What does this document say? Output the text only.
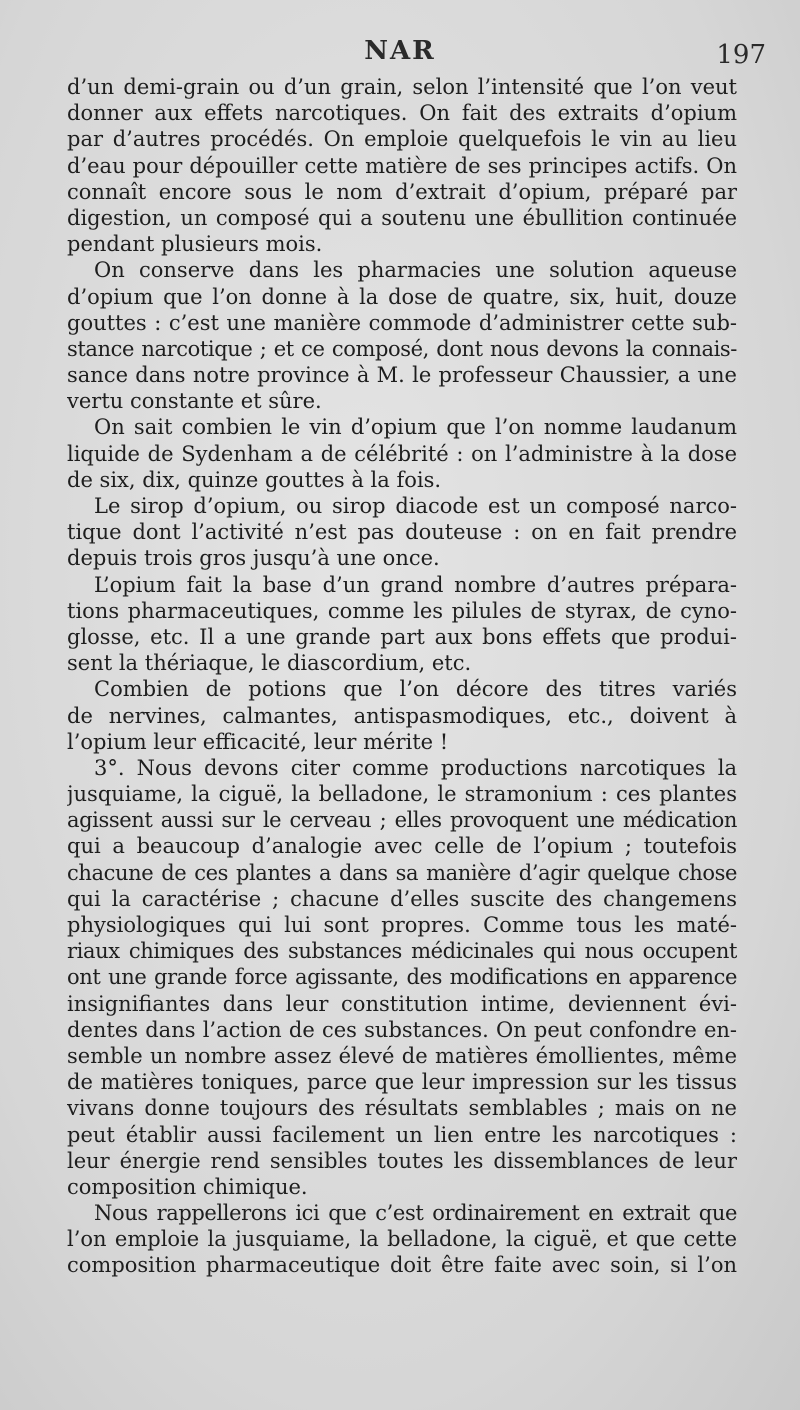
NAR	197
d’un demi-grain ou d’un grain, selon l’intensité que l’on veut
donner aux effets narcotiques. On fait des extraits d’opium
par d’autres procédés. On emploie quelquefois le vin au lieu
d’eau pour dépouiller cette matière de ses principes actifs. On
connaît encore sous le nom d’extrait d’opium, préparé par
digestion, un composé qui a soutenu une ébullition continuée
pendant plusieurs mois.
On conserve dans les pharmacies une solution aqueuse
d’opium que l’on donne à la dose de quatre, six, huit, douze
gouttes : c’est une manière commode d’administrer cette sub-
stance narcotique ; et ce composé, dont nous devons la connais-
sance dans notre province à M. le professeur Chaussier, a une
vertu constante et sûre.
On sait combien le vin d’opium que l’on nomme laudanum
liquide de Sydenham a de célébrité : on l’administre à la dose
de six, dix, quinze gouttes à la fois.
Le sirop d’opium, ou sirop diacode est un composé narco-
tique dont l’activité n’est pas douteuse : on en fait prendre
depuis trois gros jusqu’à une once.
L’opium fait la base d’un grand nombre d’autres prépara-
tions pharmaceutiques, comme les pilules de styrax, de cyno-
glosse, etc. Il a une grande part aux bons effets que produi-
sent la thériaque, le diascordium, etc.
Combien de potions que l’on décore des titres variés
de nervines, calmantes, antispasmodiques, etc., doivent à
l’opium leur efficacité, leur mérite !
3°. Nous devons citer comme productions narcotiques la
jusquiame, la ciguë, la belladone, le stramonium : ces plantes
agissent aussi sur le cerveau ; elles provoquent une médication
qui a beaucoup d’analogie avec celle de l’opium ; toutefois
chacune de ces plantes a dans sa manière d’agir quelque chose
qui la caractérise ; chacune d’elles suscite des changemens
physiologiques qui lui sont propres. Comme tous les maté-
riaux chimiques des substances médicinales qui nous occupent
ont une grande force agissante, des modifications en apparence
insignifiantes dans leur constitution intime, deviennent évi-
dentes dans l’action de ces substances. On peut confondre en-
semble un nombre assez élevé de matières émollientes, même
de matières toniques, parce que leur impression sur les tissus
vivans donne toujours des résultats semblables ; mais on ne
peut établir aussi facilement un lien entre les narcotiques :
leur énergie rend sensibles toutes les dissemblances de leur
composition chimique.
Nous rappellerons ici que c’est ordinairement en extrait que
l’on emploie la jusquiame, la belladone, la ciguë, et que cette
composition pharmaceutique doit être faite avec soin, si l’on
